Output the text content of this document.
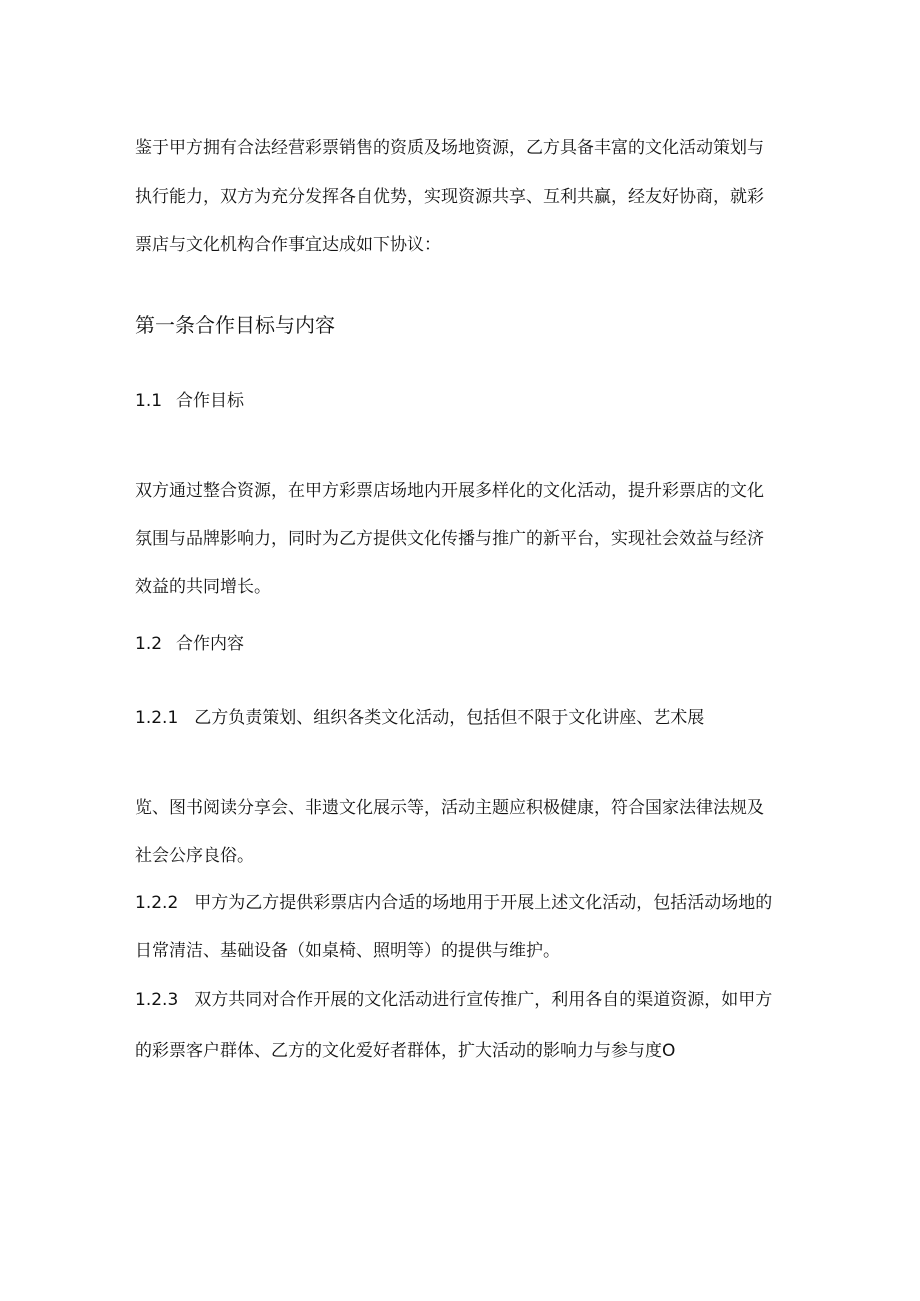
鉴于甲方拥有合法经营彩票销售的资质及场地资源，乙方具备丰富的文化活动策划与

执行能力，双方为充分发挥各自优势，实现资源共享、互利共赢，经友好协商，就彩

票店与文化机构合作事宜达成如下协议：

第一条合作目标与内容

1.1 合作目标

双方通过整合资源，在甲方彩票店场地内开展多样化的文化活动，提升彩票店的文化

氛围与品牌影响力，同时为乙方提供文化传播与推广的新平台，实现社会效益与经济

效益的共同增长。

1.2 合作内容

1.2.1 乙方负责策划、组织各类文化活动，包括但不限于文化讲座、艺术展

览、图书阅读分享会、非遗文化展示等，活动主题应积极健康，符合国家法律法规及

社会公序良俗。

1.2.2 甲方为乙方提供彩票店内合适的场地用于开展上述文化活动，包括活动场地的

日常清洁、基础设备（如桌椅、照明等）的提供与维护。

1.2.3 双方共同对合作开展的文化活动进行宣传推广，利用各自的渠道资源，如甲方

的彩票客户群体、乙方的文化爱好者群体，扩大活动的影响力与参与度O
